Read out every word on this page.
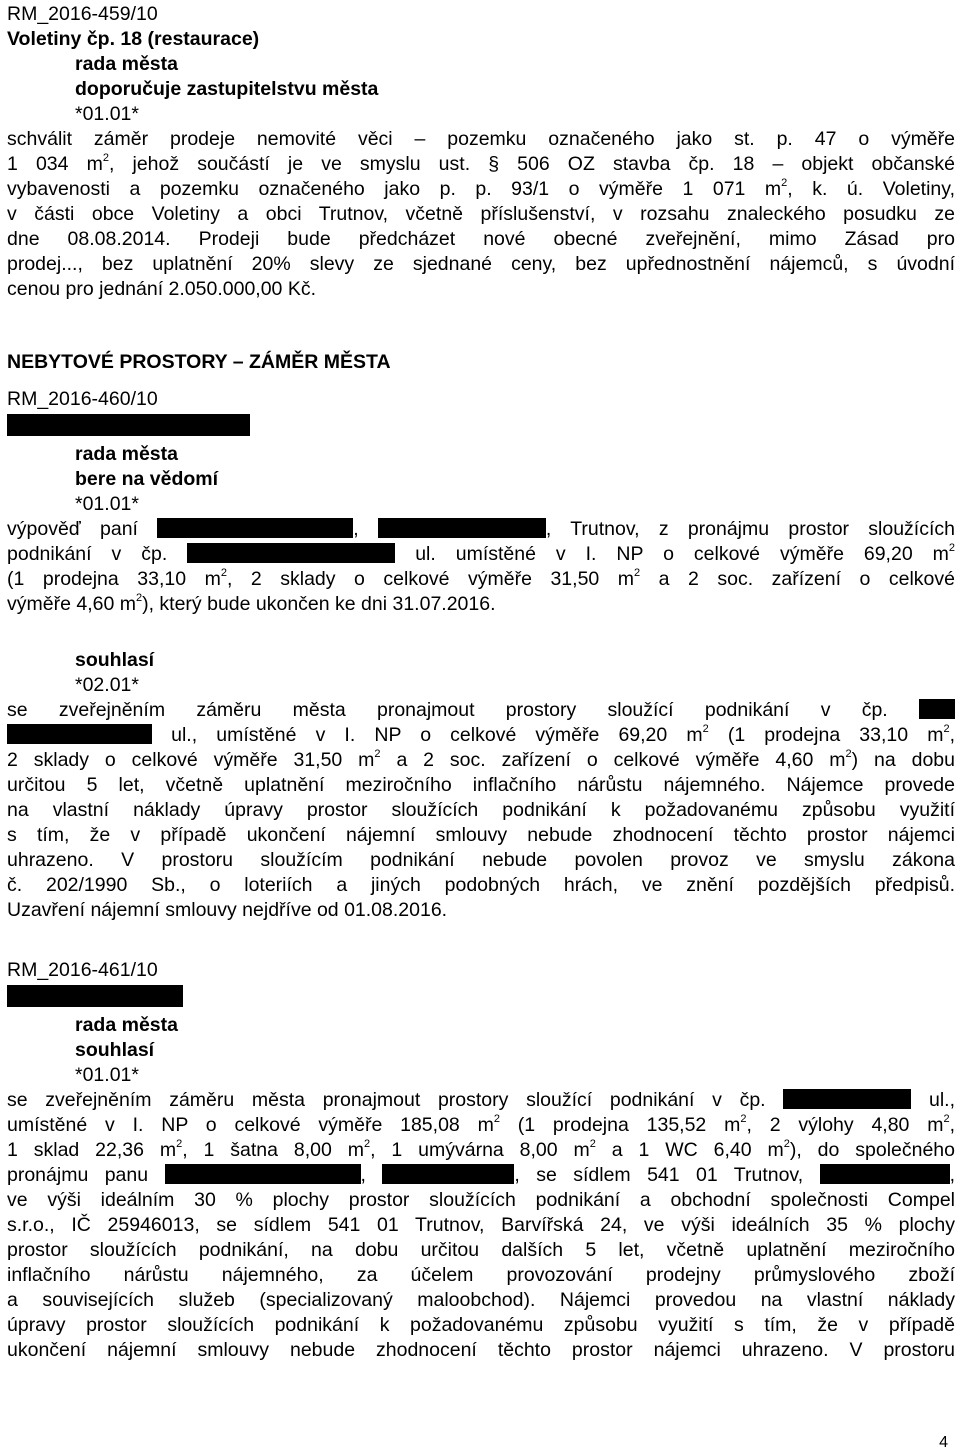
RM_2016-459/10
Voletiny čp. 18 (restaurace)
rada města
doporučuje zastupitelstvu města
*01.01*
schválit záměr prodeje nemovité věci – pozemku označeného jako st. p. 47 o výměře
1 034 $m^2$, jehož součástí je ve smyslu ust. § 506 OZ stavba čp. 18 – objekt občanské
vybavenosti a pozemku označeného jako p. p. 93/1 o výměře 1 071 $m^2$, k. ú. Voletiny,
v části obce Voletiny a obci Trutnov, včetně příslušenství, v rozsahu znaleckého posudku ze
dne 08.08.2014. Prodeji bude předcházet nové obecné zveřejnění, mimo Zásad pro
prodej..., bez uplatnění 20% slevy ze sjednané ceny, bez upřednostnění nájemců, s úvodní
cenou pro jednání 2.050.000,00 Kč.
NEBYTOVÉ PROSTORY – ZÁMĚR MĚSTA
RM_2016-460/10
rada města
bere na vědomí
*01.01*
výpověď paní	,	, Trutnov, z pronájmu prostor sloužících
podnikání v čp.	ul. umístěné v I. NP o celkové výměře 69,20 $m^2$
(1 prodejna 33,10 $m^2$, 2 sklady o celkové výměře 31,50 $m^2$ a 2 soc. zařízení o celkové
výměře 4,60 $m^2$), který bude ukončen ke dni 31.07.2016.
souhlasí
*02.01*
se zveřejněním záměru města pronajmout prostory sloužící podnikání v čp.
ul., umístěné v I. NP o celkové výměře 69,20 $m^2$ (1 prodejna 33,10 $m^2$,
2 sklady o celkové výměře 31,50 $m^2$ a 2 soc. zařízení o celkové výměře 4,60 $m^2$) na dobu
určitou 5 let, včetně uplatnění meziročního inflačního nárůstu nájemného. Nájemce provede
na vlastní náklady úpravy prostor sloužících podnikání k požadovanému způsobu využití
s tím, že v případě ukončení nájemní smlouvy nebude zhodnocení těchto prostor nájemci
uhrazeno. V prostoru sloužícím podnikání nebude povolen provoz ve smyslu zákona
č. 202/1990 Sb., o loteriích a jiných podobných hrách, ve znění pozdějších předpisů.
Uzavření nájemní smlouvy nejdříve od 01.08.2016.
RM_2016-461/10
rada města
souhlasí
*01.01*
se zveřejněním záměru města pronajmout prostory sloužící podnikání v čp.	ul.,
umístěné v I. NP o celkové výměře 185,08 $m^2$ (1 prodejna 135,52 $m^2$, 2 výlohy 4,80 $m^2$,
1 sklad 22,36 $m^2$, 1 šatna 8,00 $m^2$, 1 umývárna 8,00 $m^2$ a 1 WC 6,40 $m^2$), do společného
pronájmu panu	,	, se sídlem 541 01 Trutnov,	,
ve výši ideálním 30 % plochy prostor sloužících podnikání a obchodní společnosti Compel
s.r.o., IČ 25946013, se sídlem 541 01 Trutnov, Barvířská 24, ve výši ideálních 35 % plochy
prostor sloužících podnikání, na dobu určitou dalších 5 let, včetně uplatnění meziročního
inflačního nárůstu nájemného, za účelem provozování prodejny průmyslového zboží
a souvisejících služeb (specializovaný maloobchod). Nájemci provedou na vlastní náklady
úpravy prostor sloužících podnikání k požadovanému způsobu využití s tím, že v případě
ukončení nájemní smlouvy nebude zhodnocení těchto prostor nájemci uhrazeno. V prostoru
4
